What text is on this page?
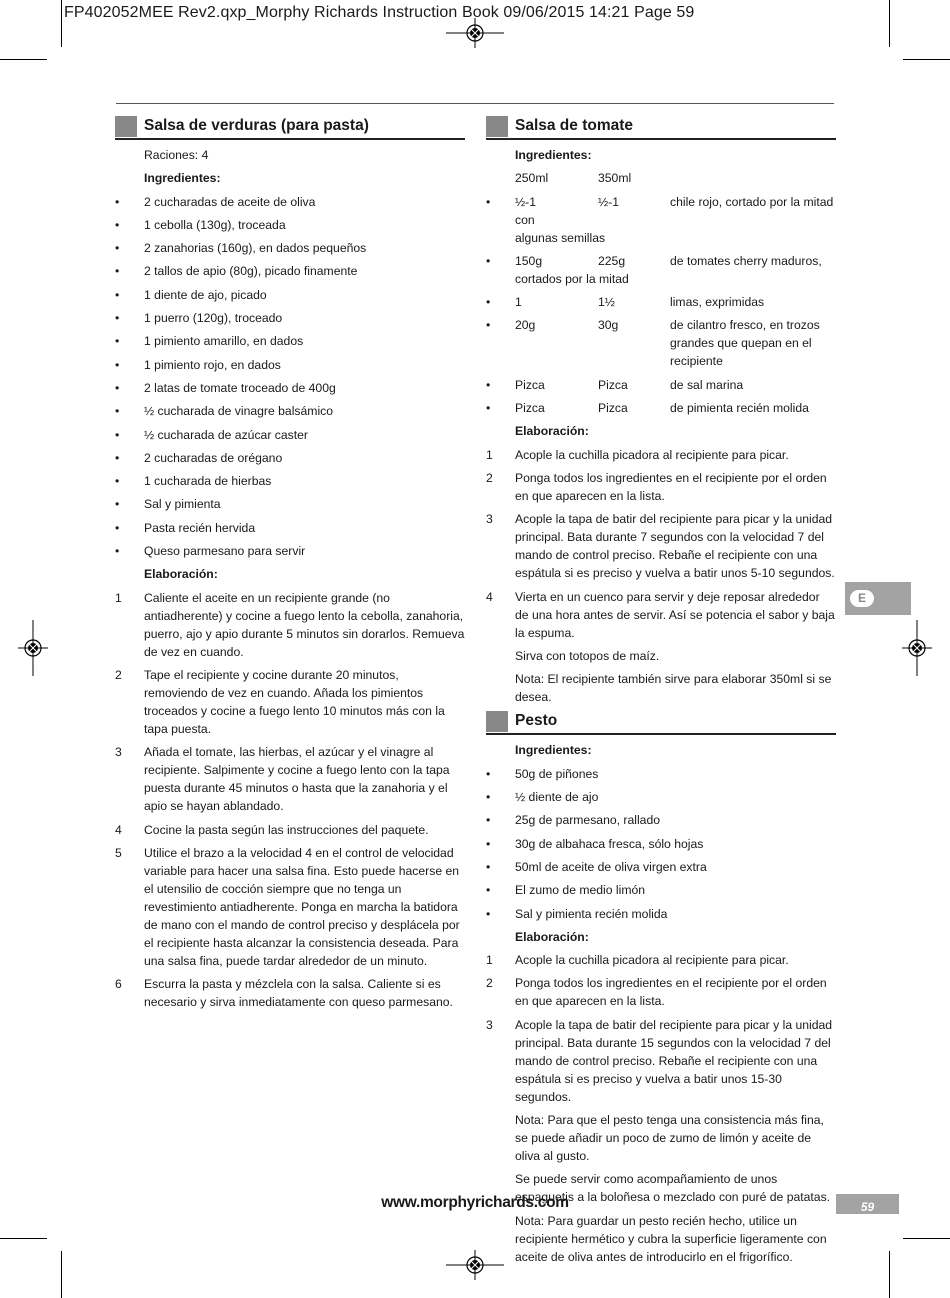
FP402052MEE Rev2.qxp_Morphy Richards Instruction Book 09/06/2015 14:21 Page 59
Salsa de verduras (para pasta)
Raciones: 4
Ingredientes:
• 2 cucharadas de aceite de oliva
• 1 cebolla (130g), troceada
• 2 zanahorias (160g), en dados pequeños
• 2 tallos de apio (80g), picado finamente
• 1 diente de ajo, picado
• 1 puerro (120g), troceado
• 1 pimiento amarillo, en dados
• 1 pimiento rojo, en dados
• 2 latas de tomate troceado de 400g
• ½ cucharada de vinagre balsámico
• ½ cucharada de azúcar caster
• 2 cucharadas de orégano
• 1 cucharada de hierbas
• Sal y pimienta
• Pasta recién hervida
• Queso parmesano para servir
Elaboración:
1 Caliente el aceite en un recipiente grande (no antiadherente) y cocine a fuego lento la cebolla, zanahoria, puerro, ajo y apio durante 5 minutos sin dorarlos. Remueva de vez en cuando.
2 Tape el recipiente y cocine durante 20 minutos, removiendo de vez en cuando. Añada los pimientos troceados y cocine a fuego lento 10 minutos más con la tapa puesta.
3 Añada el tomate, las hierbas, el azúcar y el vinagre al recipiente. Salpimente y cocine a fuego lento con la tapa puesta durante 45 minutos o hasta que la zanahoria y el apio se hayan ablandado.
4 Cocine la pasta según las instrucciones del paquete.
5 Utilice el brazo a la velocidad 4 en el control de velocidad variable para hacer una salsa fina. Esto puede hacerse en el utensilio de cocción siempre que no tenga un revestimiento antiadherente. Ponga en marcha la batidora de mano con el mando de control preciso y desplácela por el recipiente hasta alcanzar la consistencia deseada. Para una salsa fina, puede tardar alrededor de un minuto.
6 Escurra la pasta y mézclela con la salsa. Caliente si es necesario y sirva inmediatamente con queso parmesano.
Salsa de tomate
Ingredientes:
250ml	350ml
• ½-1	½-1	chile rojo, cortado por la mitad con
algunas semillas
• 150g	225g	de tomates cherry maduros,
cortados por la mitad
• 1	1½	limas, exprimidas
• 20g	30g	de cilantro fresco, en trozos grandes que quepan en el recipiente
• Pizca	Pizca	de sal marina
• Pizca	Pizca	de pimienta recién molida
Elaboración:
1 Acople la cuchilla picadora al recipiente para picar.
2 Ponga todos los ingredientes en el recipiente por el orden en que aparecen en la lista.
3 Acople la tapa de batir del recipiente para picar y la unidad principal. Bata durante 7 segundos con la velocidad 7 del mando de control preciso. Rebañe el recipiente con una espátula si es preciso y vuelva a batir unos 5-10 segundos.
4 Vierta en un cuenco para servir y deje reposar alrededor de una hora antes de servir. Así se potencia el sabor y baja la espuma.
Sirva con totopos de maíz.
Nota: El recipiente también sirve para elaborar 350ml si se desea.
Pesto
Ingredientes:
• 50g de piñones
• ½ diente de ajo
• 25g de parmesano, rallado
• 30g de albahaca fresca, sólo hojas
• 50ml de aceite de oliva virgen extra
• El zumo de medio limón
• Sal y pimienta recién molida
Elaboración:
1 Acople la cuchilla picadora al recipiente para picar.
2 Ponga todos los ingredientes en el recipiente por el orden en que aparecen en la lista.
3 Acople la tapa de batir del recipiente para picar y la unidad principal. Bata durante 15 segundos con la velocidad 7 del mando de control preciso. Rebañe el recipiente con una espátula si es preciso y vuelva a batir unos 15-30 segundos.
Nota: Para que el pesto tenga una consistencia más fina, se puede añadir un poco de zumo de limón y aceite de oliva al gusto.
Se puede servir como acompañamiento de unos espaguetis a la boloñesa o mezclado con puré de patatas.
Nota: Para guardar un pesto recién hecho, utilice un recipiente hermético y cubra la superficie ligeramente con aceite de oliva antes de introducirlo en el frigorífico.
E
www.morphyrichards.com	59
